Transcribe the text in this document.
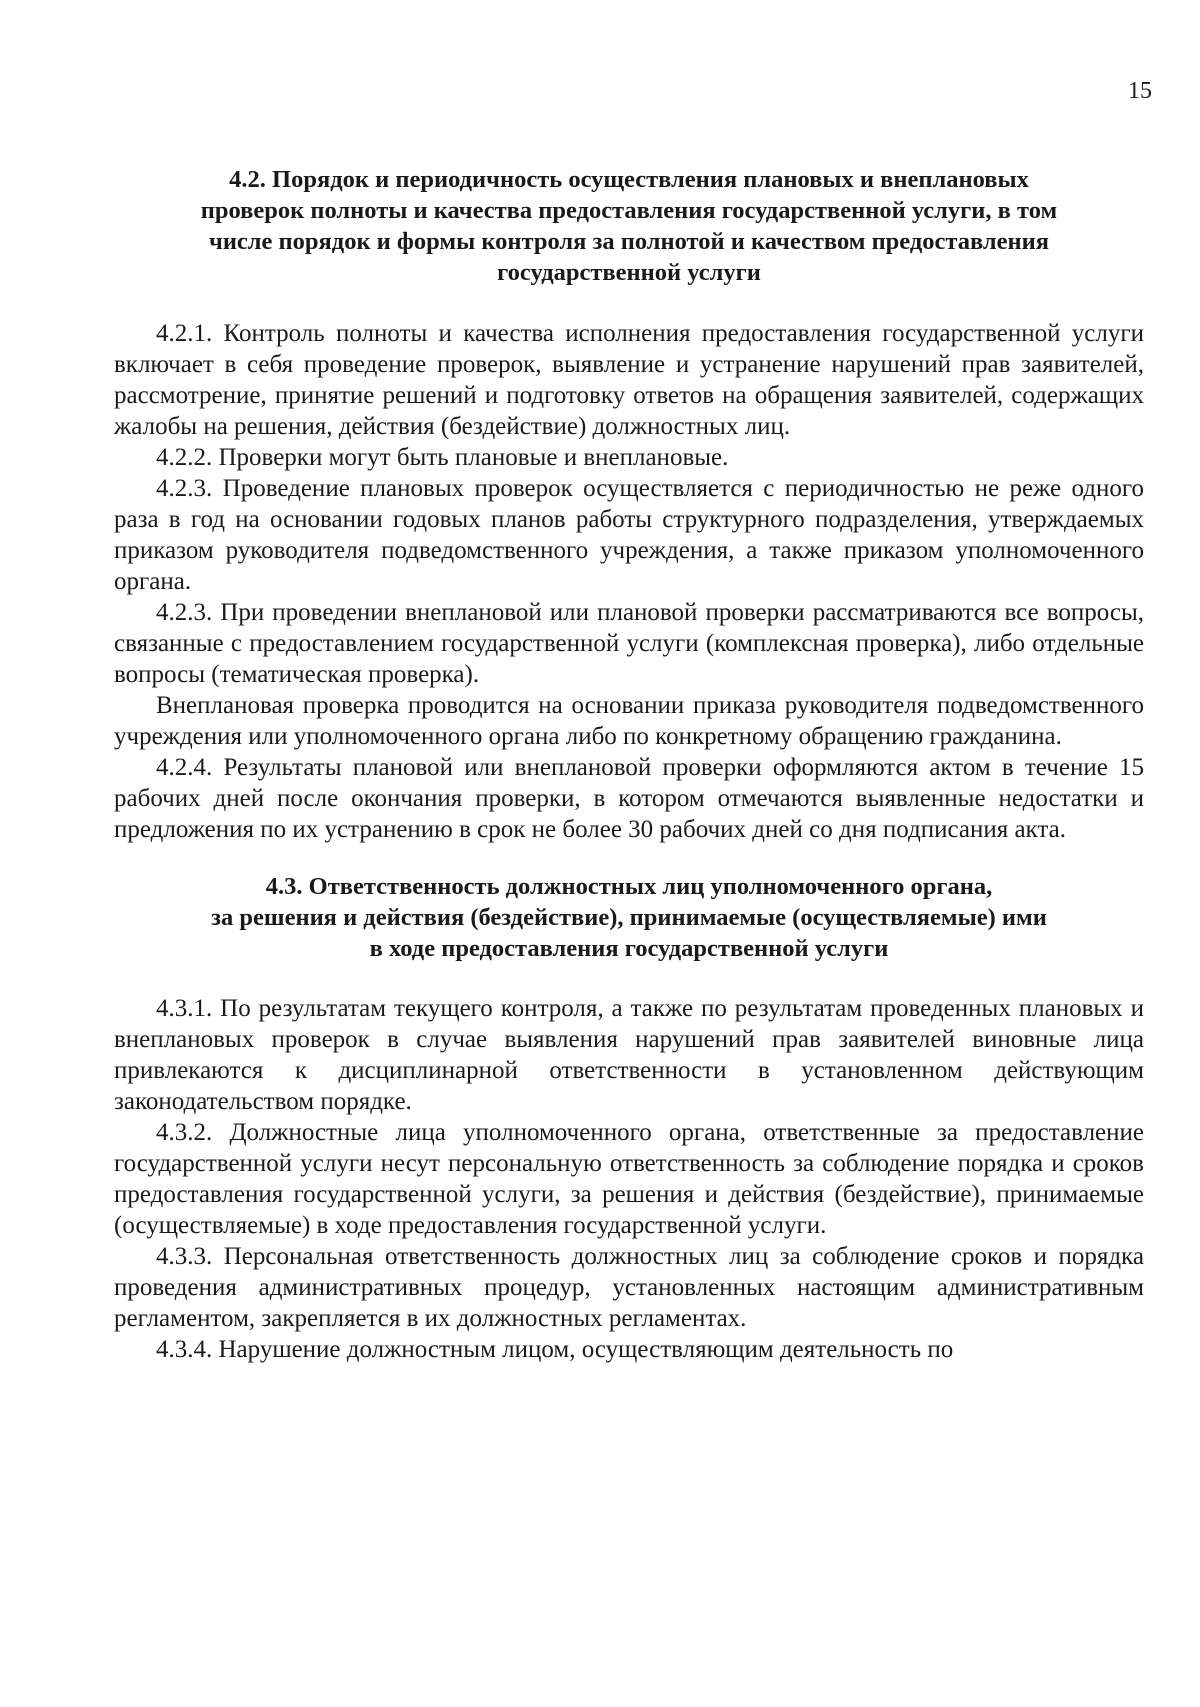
15
4.2. Порядок и периодичность осуществления плановых и внеплановых
проверок полноты и качества предоставления государственной услуги, в том
числе порядок и формы контроля за полнотой и качеством предоставления
государственной услуги

4.2.1. Контроль полноты и качества исполнения предоставления государственной услуги включает в себя проведение проверок, выявление и устранение нарушений прав заявителей, рассмотрение, принятие решений и подготовку ответов на обращения заявителей, содержащих жалобы на решения, действия (бездействие) должностных лиц.

4.2.2. Проверки могут быть плановые и внеплановые.

4.2.3. Проведение плановых проверок осуществляется с периодичностью не реже одного раза в год на основании годовых планов работы структурного подразделения, утверждаемых приказом руководителя подведомственного учреждения, а также приказом уполномоченного органа.

4.2.3. При проведении внеплановой или плановой проверки рассматриваются все вопросы, связанные с предоставлением государственной услуги (комплексная проверка), либо отдельные вопросы (тематическая проверка).

Внеплановая проверка проводится на основании приказа руководителя подведомственного учреждения или уполномоченного органа либо по конкретному обращению гражданина.

4.2.4. Результаты плановой или внеплановой проверки оформляются актом в течение 15 рабочих дней после окончания проверки, в котором отмечаются выявленные недостатки и предложения по их устранению в срок не более 30 рабочих дней со дня подписания акта.

4.3. Ответственность должностных лиц уполномоченного органа,
за решения и действия (бездействие), принимаемые (осуществляемые) ими
в ходе предоставления государственной услуги

4.3.1. По результатам текущего контроля, а также по результатам проведенных плановых и внеплановых проверок в случае выявления нарушений прав заявителей виновные лица привлекаются к дисциплинарной ответственности в установленном действующим законодательством порядке.

4.3.2. Должностные лица уполномоченного органа, ответственные за предоставление государственной услуги несут персональную ответственность за соблюдение порядка и сроков предоставления государственной услуги, за решения и действия (бездействие), принимаемые (осуществляемые) в ходе предоставления государственной услуги.

4.3.3. Персональная ответственность должностных лиц за соблюдение сроков и порядка проведения административных процедур, установленных настоящим административным регламентом, закрепляется в их должностных регламентах.

4.3.4. Нарушение должностным лицом, осуществляющим деятельность по
